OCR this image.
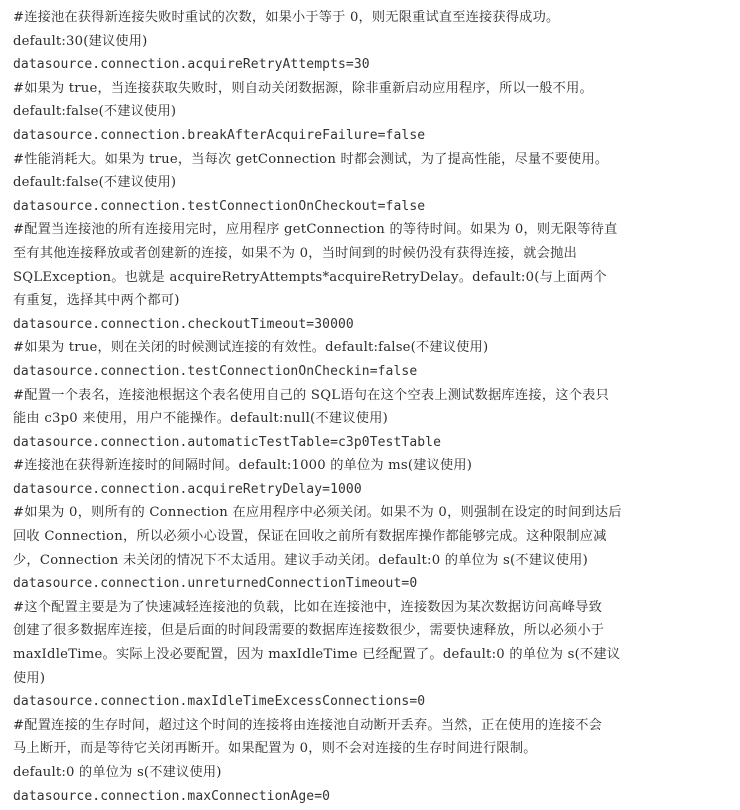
#连接池在获得新连接失败时重试的次数，如果小于等于 0，则无限重试直至连接获得成功。
default:30(建议使用)
datasource.connection.acquireRetryAttempts=30
#如果为 true，当连接获取失败时，则自动关闭数据源，除非重新启动应用程序，所以一般不用。
default:false(不建议使用)
datasource.connection.breakAfterAcquireFailure=false
#性能消耗大。如果为 true，当每次 getConnection 时都会测试，为了提高性能，尽量不要使用。
default:false(不建议使用)
datasource.connection.testConnectionOnCheckout=false
#配置当连接池的所有连接用完时，应用程序 getConnection 的等待时间。如果为 0，则无限等待直
至有其他连接释放或者创建新的连接，如果不为 0，当时间到的时候仍没有获得连接，就会抛出
SQLException。也就是 acquireRetryAttempts*acquireRetryDelay。default:0(与上面两个
有重复，选择其中两个都可)
datasource.connection.checkoutTimeout=30000
#如果为 true，则在关闭的时候测试连接的有效性。default:false(不建议使用)
datasource.connection.testConnectionOnCheckin=false
#配置一个表名，连接池根据这个表名使用自己的 SQL语句在这个空表上测试数据库连接，这个表只
能由 c3p0 来使用，用户不能操作。default:null(不建议使用)
datasource.connection.automaticTestTable=c3p0TestTable
#连接池在获得新连接时的间隔时间。default:1000 的单位为 ms(建议使用)
datasource.connection.acquireRetryDelay=1000
#如果为 0，则所有的 Connection 在应用程序中必须关闭。如果不为 0，则强制在设定的时间到达后
回收 Connection，所以必须小心设置，保证在回收之前所有数据库操作都能够完成。这种限制应减
少，Connection 未关闭的情况下不太适用。建议手动关闭。default:0 的单位为 s(不建议使用)
datasource.connection.unreturnedConnectionTimeout=0
#这个配置主要是为了快速减轻连接池的负载，比如在连接池中，连接数因为某次数据访问高峰导致
创建了很多数据库连接，但是后面的时间段需要的数据库连接数很少，需要快速释放，所以必须小于
maxIdleTime。实际上没必要配置，因为 maxIdleTime 已经配置了。default:0 的单位为 s(不建议
使用)
datasource.connection.maxIdleTimeExcessConnections=0
#配置连接的生存时间，超过这个时间的连接将由连接池自动断开丢弃。当然，正在使用的连接不会
马上断开，而是等待它关闭再断开。如果配置为 0，则不会对连接的生存时间进行限制。
default:0 的单位为 s(不建议使用)
datasource.connection.maxConnectionAge=0
